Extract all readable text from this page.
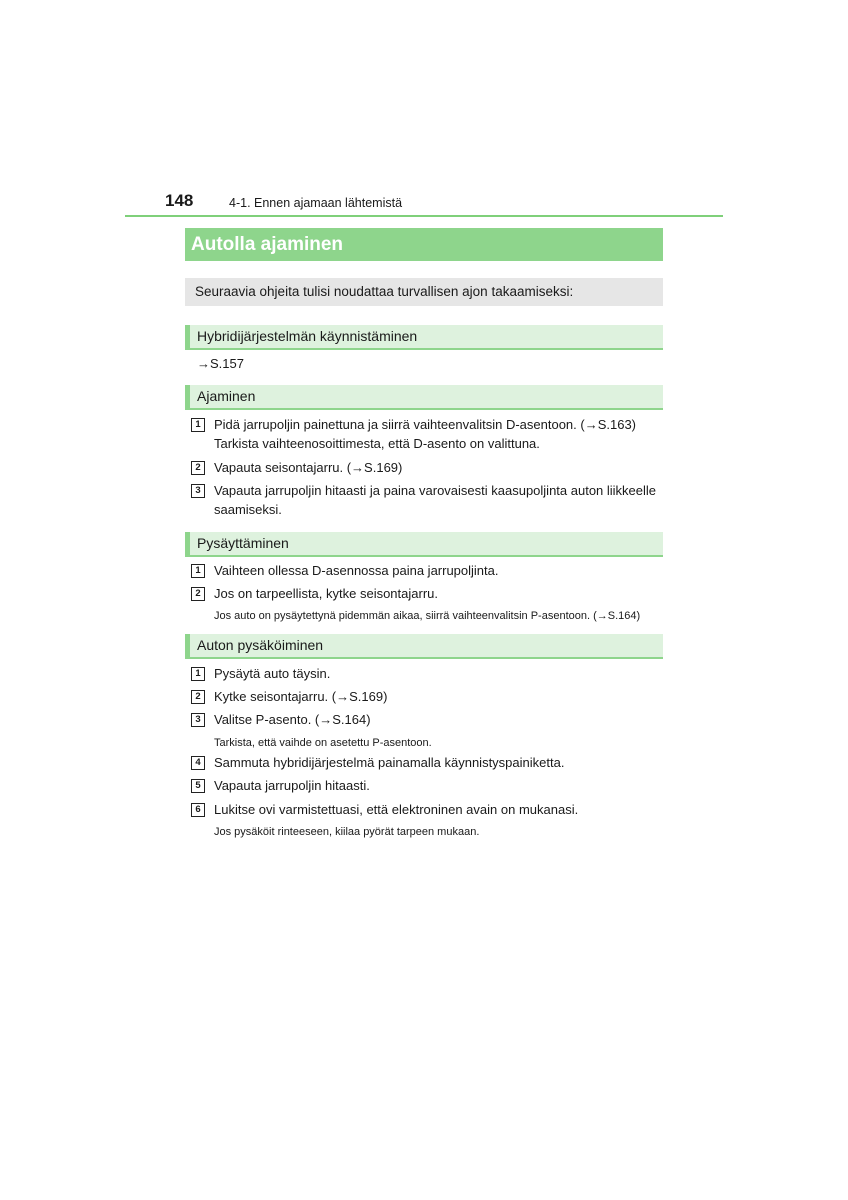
148	4-1. Ennen ajamaan lähtemistä
Autolla ajaminen
Seuraavia ohjeita tulisi noudattaa turvallisen ajon takaamiseksi:
Hybridijärjestelmän käynnistäminen
→S.157
Ajaminen
1	Pidä jarrupoljin painettuna ja siirrä vaihteenvalitsin D-asentoon. (→S.163)
Tarkista vaihteenosoittimesta, että D-asento on valittuna.
2	Vapauta seisontajarru. (→S.169)
3	Vapauta jarrupoljin hitaasti ja paina varovaisesti kaasupoljinta auton liikkeelle
saamiseksi.
Pysäyttäminen
1	Vaihteen ollessa D-asennossa paina jarrupoljinta.
2	Jos on tarpeellista, kytke seisontajarru.
Jos auto on pysäytettynä pidemmän aikaa, siirrä vaihteenvalitsin P-asentoon. (→S.164)
Auton pysäköiminen
1	Pysäytä auto täysin.
2	Kytke seisontajarru. (→S.169)
3	Valitse P-asento. (→S.164)
Tarkista, että vaihde on asetettu P-asentoon.
4	Sammuta hybridijärjestelmä painamalla käynnistyspainiketta.
5	Vapauta jarrupoljin hitaasti.
6	Lukitse ovi varmistettuasi, että elektroninen avain on mukanasi.
Jos pysäköit rinteeseen, kiilaa pyörät tarpeen mukaan.
